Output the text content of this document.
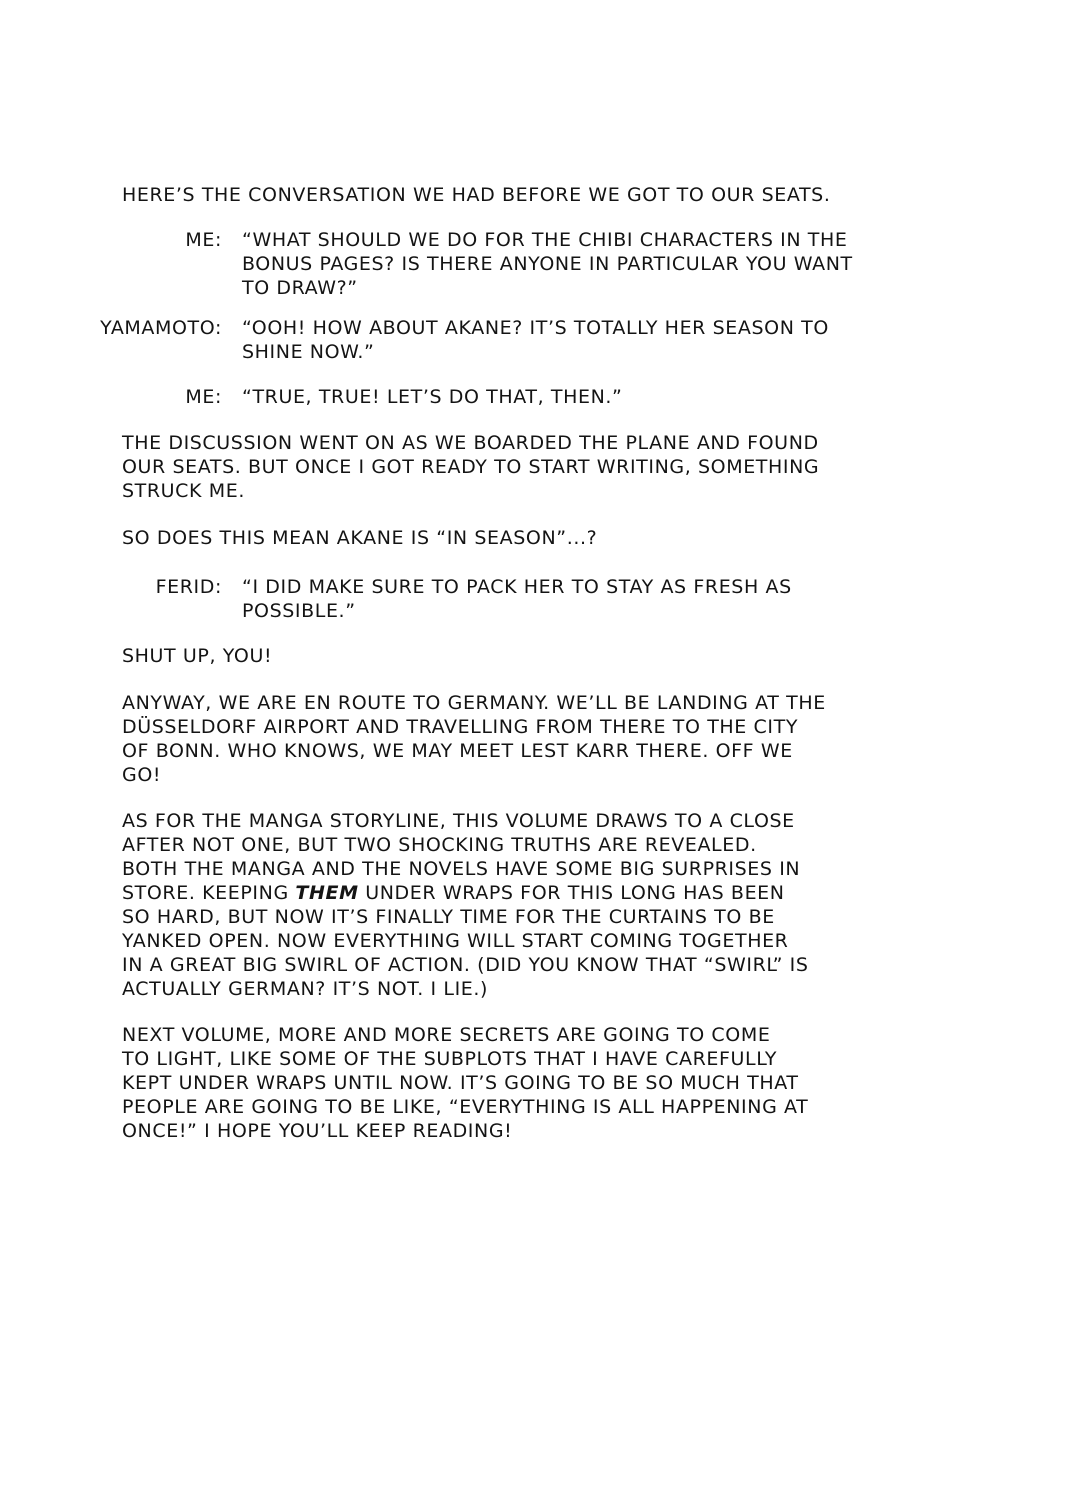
HERE’S THE CONVERSATION WE HAD BEFORE WE GOT TO OUR SEATS.

ME: “WHAT SHOULD WE DO FOR THE CHIBI CHARACTERS IN THE
BONUS PAGES? IS THERE ANYONE IN PARTICULAR YOU WANT
TO DRAW?”

YAMAMOTO: “OOH! HOW ABOUT AKANE? IT’S TOTALLY HER SEASON TO
SHINE NOW.”

ME: “TRUE, TRUE! LET’S DO THAT, THEN.”

THE DISCUSSION WENT ON AS WE BOARDED THE PLANE AND FOUND
OUR SEATS. BUT ONCE I GOT READY TO START WRITING, SOMETHING
STRUCK ME.

SO DOES THIS MEAN AKANE IS “IN SEASON”...?

FERID: “I DID MAKE SURE TO PACK HER TO STAY AS FRESH AS
POSSIBLE.”

SHUT UP, YOU!

ANYWAY, WE ARE EN ROUTE TO GERMANY. WE’LL BE LANDING AT THE
DÜSSELDORF AIRPORT AND TRAVELLING FROM THERE TO THE CITY
OF BONN. WHO KNOWS, WE MAY MEET LEST KARR THERE. OFF WE
GO!

AS FOR THE MANGA STORYLINE, THIS VOLUME DRAWS TO A CLOSE
AFTER NOT ONE, BUT TWO SHOCKING TRUTHS ARE REVEALED.
BOTH THE MANGA AND THE NOVELS HAVE SOME BIG SURPRISES IN
STORE. KEEPING THEM UNDER WRAPS FOR THIS LONG HAS BEEN
SO HARD, BUT NOW IT’S FINALLY TIME FOR THE CURTAINS TO BE
YANKED OPEN. NOW EVERYTHING WILL START COMING TOGETHER
IN A GREAT BIG SWIRL OF ACTION. (DID YOU KNOW THAT “SWIRL” IS
ACTUALLY GERMAN? IT’S NOT. I LIE.)

NEXT VOLUME, MORE AND MORE SECRETS ARE GOING TO COME
TO LIGHT, LIKE SOME OF THE SUBPLOTS THAT I HAVE CAREFULLY
KEPT UNDER WRAPS UNTIL NOW. IT’S GOING TO BE SO MUCH THAT
PEOPLE ARE GOING TO BE LIKE, “EVERYTHING IS ALL HAPPENING AT
ONCE!” I HOPE YOU’LL KEEP READING!
